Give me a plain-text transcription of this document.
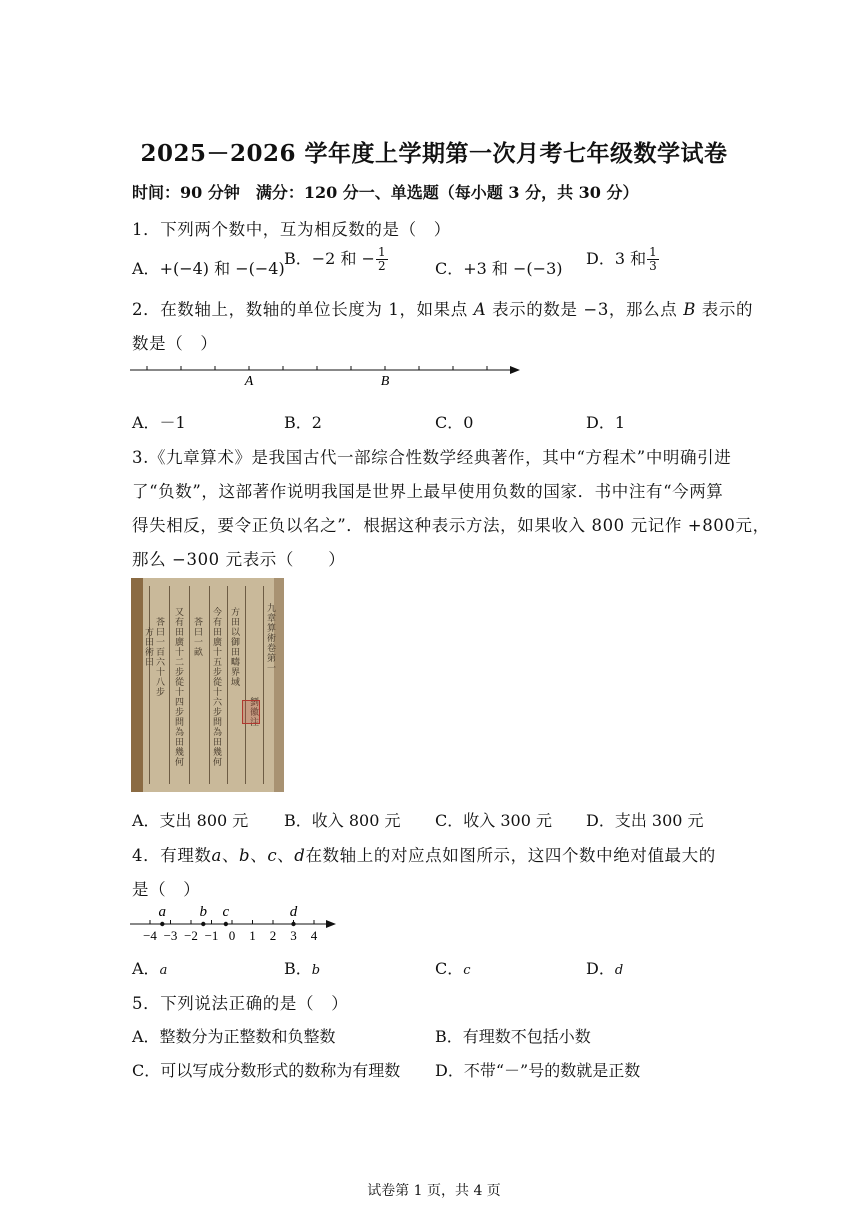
2025－2026 学年度上学期第一次月考七年级数学试卷
时间：90 分钟　满分：120 分一、单选题（每小题 3 分，共 30 分）
1．下列两个数中，互为相反数的是（　）
A．+(−4) 和 −(−4)
B．−2 和 − $\frac{1}{2}$	C．+3 和 −(−3)
D．3 和 $\frac{1}{3}$
2．在数轴上，数轴的单位长度为 1，如果点 A 表示的数是 −3，那么点 B 表示的
数是（　）
A	B
A．－1	B．2	C．0	D．1
3.《九章算术》是我国古代一部综合性数学经典著作，其中“方程术”中明确引进
了“负数”，这部著作说明我国是世界上最早使用负数的国家．书中注有“今两算
得失相反，要令正负以名之”．根据这种表示方法，如果收入 800 元记作 +800元，
那么 −300 元表示（　　）
九章算術卷第一
劉徽注
方田以御田疇界域
今有田廣十五步從十六步問為田幾何
荅曰一畝
又有田廣十二步從十四步問為田幾何
荅曰一百六十八步
方田術曰
A．支出 800 元 B．收入 800 元 C．收入 300 元 D．支出 300 元
4．有理数a、b、c、d在数轴上的对应点如图所示，这四个数中绝对值最大的
是（　）
−4 −3 −2 −1 0 1 2 3 4
a b c	d
A．a	B．b	C．c	D．d
5．下列说法正确的是（　）
A．整数分为正整数和负整数	B．有理数不包括小数
C．可以写成分数形式的数称为有理数 D．不带“－”号的数就是正数
试卷第 1 页，共 4 页
